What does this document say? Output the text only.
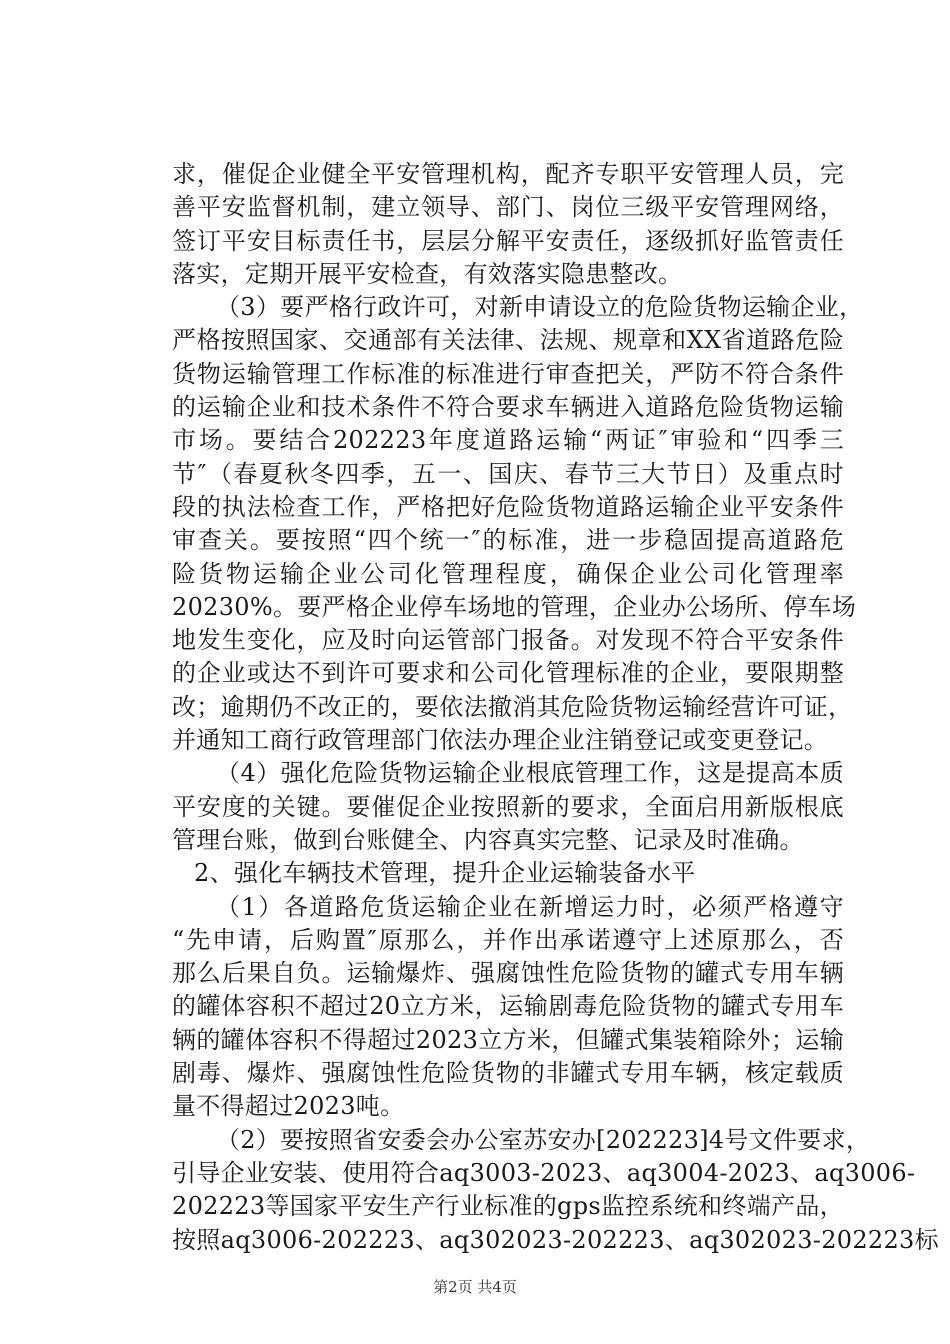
求，催促企业健全平安管理机构，配齐专职平安管理人员，完
善平安监督机制，建立领导、部门、岗位三级平安管理网络，
签订平安目标责任书，层层分解平安责任，逐级抓好监管责任
落实，定期开展平安检查，有效落实隐患整改。
（3）要严格行政许可，对新申请设立的危险货物运输企业，
严格按照国家、交通部有关法律、法规、规章和XX省道路危险
货物运输管理工作标准的标准进行审查把关，严防不符合条件
的运输企业和技术条件不符合要求车辆进入道路危险货物运输
市场。要结合202223年度道路运输“两证″审验和“四季三
节″（春夏秋冬四季，五一、国庆、春节三大节日）及重点时
段的执法检查工作，严格把好危险货物道路运输企业平安条件
审查关。要按照“四个统一″的标准，进一步稳固提高道路危
险货物运输企业公司化管理程度，确保企业公司化管理率
20230%。要严格企业停车场地的管理，企业办公场所、停车场
地发生变化，应及时向运管部门报备。对发现不符合平安条件
的企业或达不到许可要求和公司化管理标准的企业，要限期整
改；逾期仍不改正的，要依法撤消其危险货物运输经营许可证，
并通知工商行政管理部门依法办理企业注销登记或变更登记。
（4）强化危险货物运输企业根底管理工作，这是提高本质
平安度的关键。要催促企业按照新的要求，全面启用新版根底
管理台账，做到台账健全、内容真实完整、记录及时准确。
2、强化车辆技术管理，提升企业运输装备水平
（1）各道路危货运输企业在新增运力时，必须严格遵守
“先申请，后购置″原那么，并作出承诺遵守上述原那么，否
那么后果自负。运输爆炸、强腐蚀性危险货物的罐式专用车辆
的罐体容积不超过20立方米，运输剧毒危险货物的罐式专用车
辆的罐体容积不得超过2023立方米，但罐式集装箱除外；运输
剧毒、爆炸、强腐蚀性危险货物的非罐式专用车辆，核定载质
量不得超过2023吨。
（2）要按照省安委会办公室苏安办[202223]4号文件要求，
引导企业安装、使用符合aq3003-2023、aq3004-2023、aq3006-
202223等国家平安生产行业标准的gps监控系统和终端产品，
按照aq3006-202223、aq302023-202223、aq302023-202223标
第2页 共4页
